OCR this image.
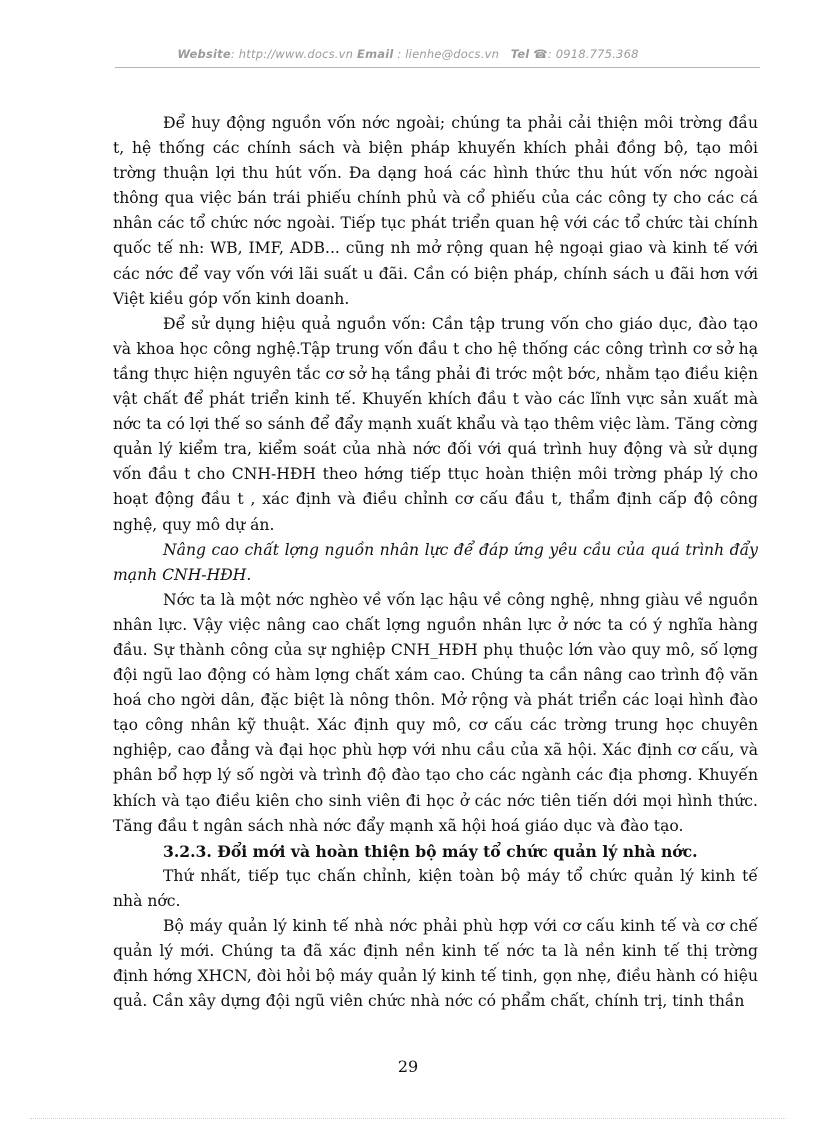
Website: http://www.docs.vn Email : lienhe@docs.vn Tel ☎: 0918.775.368

Để huy động nguồn vốn nớc ngoài; chúng ta phải cải thiện môi trờng đầu t, hệ thống các chính sách và biện pháp khuyến khích phải đồng bộ, tạo môi trờng thuận lợi thu hút vốn. Đa dạng hoá các hình thức thu hút vốn nớc ngoài thông qua việc bán trái phiếu chính phủ và cổ phiếu của các công ty cho các cá nhân các tổ chức nớc ngoài. Tiếp tục phát triển quan hệ với các tổ chức tài chính quốc tế nh: WB, IMF, ADB... cũng nh mở rộng quan hệ ngoại giao và kinh tế với các nớc để vay vốn với lãi suất u đãi. Cần có biện pháp, chính sách u đãi hơn với Việt kiều góp vốn kinh doanh.

Để sử dụng hiệu quả nguồn vốn: Cần tập trung vốn cho giáo dục, đào tạo và khoa học công nghệ.Tập trung vốn đầu t cho hệ thống các công trình cơ sở hạ tầng thực hiện nguyên tắc cơ sở hạ tầng phải đi trớc một bớc, nhằm tạo điều kiện vật chất để phát triển kinh tế. Khuyến khích đầu t vào các lĩnh vực sản xuất mà nớc ta có lợi thế so sánh để đẩy mạnh xuất khẩu và tạo thêm việc làm. Tăng cờng quản lý kiểm tra, kiểm soát của nhà nớc đối với quá trình huy động và sử dụng vốn đầu t cho CNH-HĐH theo hớng tiếp ttục hoàn thiện môi trờng pháp lý cho hoạt động đầu t , xác định và điều chỉnh cơ cấu đầu t, thẩm định cấp độ công nghệ, quy mô dự án.

Nâng cao chất lợng nguồn nhân lực để đáp ứng yêu cầu của quá trình đẩy mạnh CNH-HĐH.

Nớc ta là một nớc nghèo về vốn lạc hậu về công nghệ, nhng giàu về nguồn nhân lực. Vậy việc nâng cao chất lợng nguồn nhân lực ở nớc ta có ý nghĩa hàng đầu. Sự thành công của sự nghiệp CNH_HĐH phụ thuộc lớn vào quy mô, số lợng đội ngũ lao động có hàm lợng chất xám cao. Chúng ta cần nâng cao trình độ văn hoá cho ngời dân, đặc biệt là nông thôn. Mở rộng và phát triển các loại hình đào tạo công nhân kỹ thuật. Xác định quy mô, cơ cấu các trờng trung học chuyên nghiệp, cao đẳng và đại học phù hợp với nhu cầu của xã hội. Xác định cơ cấu, và phân bổ hợp lý số ngời và trình độ đào tạo cho các ngành các địa phơng. Khuyến khích và tạo điều kiên cho sinh viên đi học ở các nớc tiên tiến dới mọi hình thức. Tăng đầu t ngân sách nhà nớc đẩy mạnh xã hội hoá giáo dục và đào tạo.

3.2.3. Đổi mới và hoàn thiện bộ máy tổ chức quản lý nhà nớc.

Thứ nhất, tiếp tục chấn chỉnh, kiện toàn bộ máy tổ chức quản lý kinh tế nhà nớc.

Bộ máy quản lý kinh tế nhà nớc phải phù hợp với cơ cấu kinh tế và cơ chế quản lý mới. Chúng ta đã xác định nền kinh tế nớc ta là nền kinh tế thị trờng định hớng XHCN, đòi hỏi bộ máy quản lý kinh tế tinh, gọn nhẹ, điều hành có hiệu quả. Cần xây dựng đội ngũ viên chức nhà nớc có phẩm chất, chính trị, tinh thần

29
